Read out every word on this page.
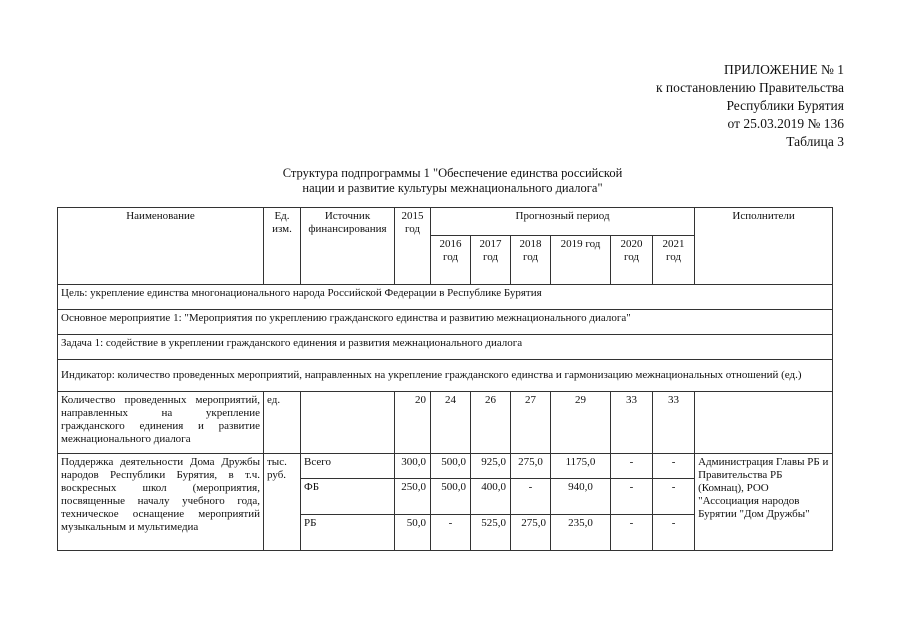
ПРИЛОЖЕНИЕ № 1
к постановлению Правительства
Республики Бурятия
от 25.03.2019 № 136
Таблица 3
Структура подпрограммы 1 "Обеспечение единства российской
нации и развитие культуры межнационального диалога"
Наименование	Ед. изм.	Источник финансирования	2015 год	Прогнозный период						Исполнители
				2016 год	2017 год	2018 год	2019 год	2020 год	2021 год	
Цель: укрепление единства многонационального народа Российской Федерации в Республике Бурятия										
Основное мероприятие 1: "Мероприятия по укреплению гражданского единства и развитию межнационального диалога"										
Задача 1: содействие в укреплении гражданского единения и развития межнационального диалога										
Индикатор: количество проведенных мероприятий, направленных на укрепление гражданского единства и гармонизацию межнациональных отношений (ед.)										
Количество проведенных мероприятий, направленных на укрепление гражданского единения и развитие межнационального диалога	ед.		20	24	26	27	29	33	33	
Поддержка деятельности Дома Дружбы народов Республики Бурятия, в т.ч. воскресных школ (мероприятия, посвященные началу учебного года, техническое оснащение мероприятий музыкальным и мультимедиа	тыс. руб.	Всего	300,0	500,0	925,0	275,0	1175,0	-	-	Администрация Главы РБ и Правительства РБ (Комнац), РОО "Ассоциация народов Бурятии "Дом Дружбы"
		ФБ	250,0	500,0	400,0	-	940,0	-	-	
		РБ	50,0	-	525,0	275,0	235,0	-	-	
